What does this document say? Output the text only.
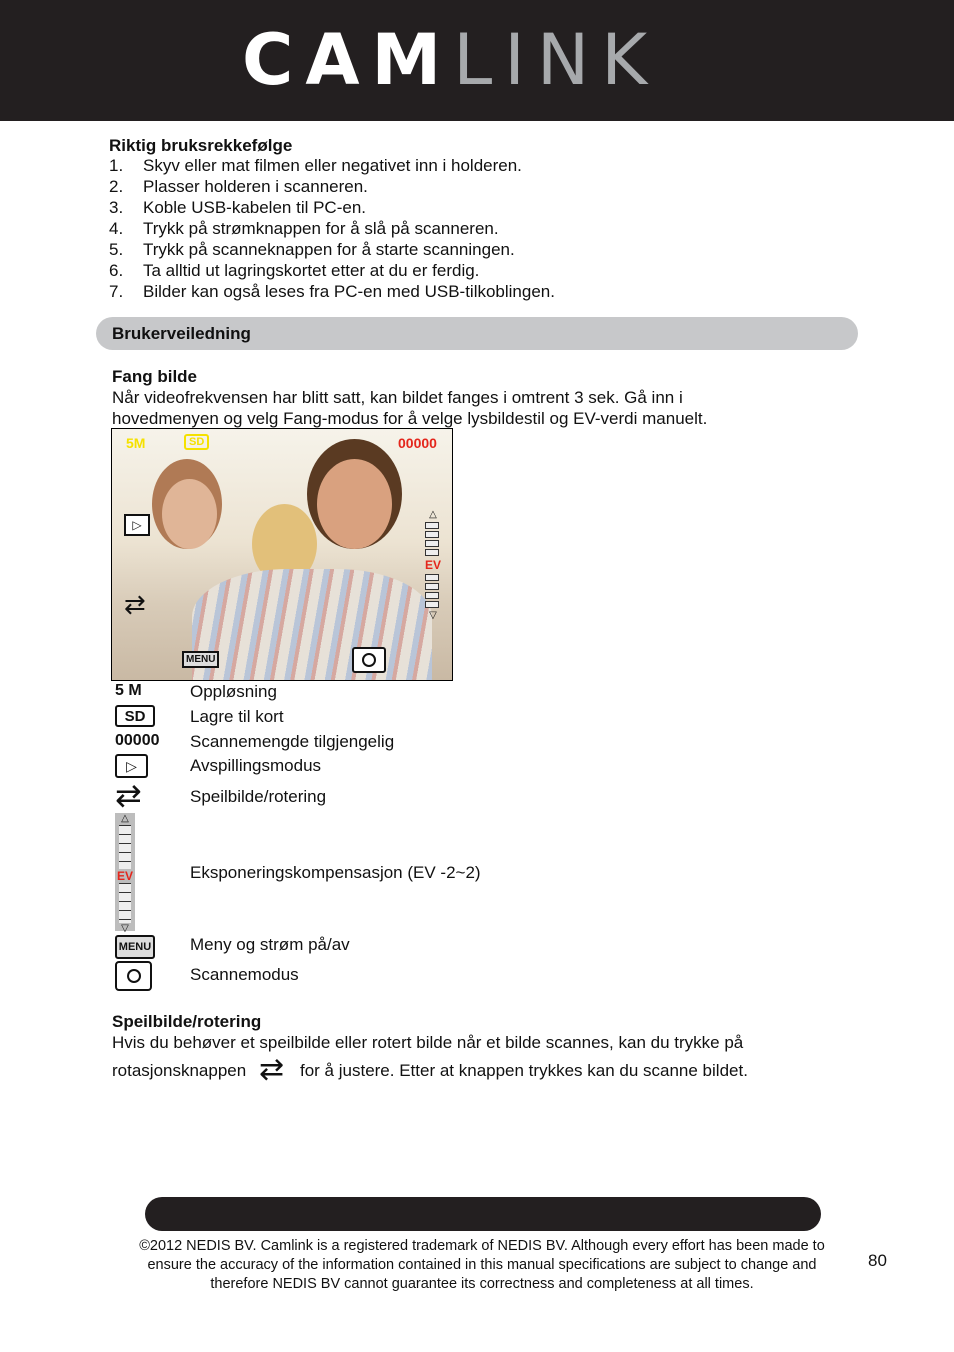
CAMLINK
Riktig bruksrekkefølge
1.	Skyv eller mat filmen eller negativet inn i holderen.
2.	Plasser holderen i scanneren.
3.	Koble USB-kabelen til PC-en.
4.	Trykk på strømknappen for å slå på scanneren.
5.	Trykk på scanneknappen for å starte scanningen.
6.	Ta alltid ut lagringskortet etter at du er ferdig.
7.	Bilder kan også leses fra PC-en med USB-tilkoblingen.
Brukerveiledning
Fang bilde
Når videofrekvensen har blitt satt, kan bildet fanges i omtrent 3 sek. Gå inn i
hovedmenyen og velg Fang-modus for å velge lysbildestil og EV-verdi manuelt.
5M	SD	00000
▷
⇄
△
EV
▽
MENU
5 M	Oppløsning
SD	Lagre til kort
00000 Scannemengde tilgjengelig
▷	Avspillingsmodus
⇄	Speilbilde/rotering
△
EV
▽
Eksponeringskompensasjon (EV -2~2)
MENU Meny og strøm på/av
Scannemodus
Speilbilde/rotering
Hvis du behøver et speilbilde eller rotert bilde når et bilde scannes, kan du trykke på
rotasjonsknappen ⇄ for å justere. Etter at knappen trykkes kan du scanne bildet.
©2012 NEDIS BV. Camlink is a registered trademark of NEDIS BV. Although every effort has been made to ensure the accuracy of the information contained in this manual specifications are subject to change and therefore NEDIS BV cannot guarantee its correctness and completeness at all times.
80
